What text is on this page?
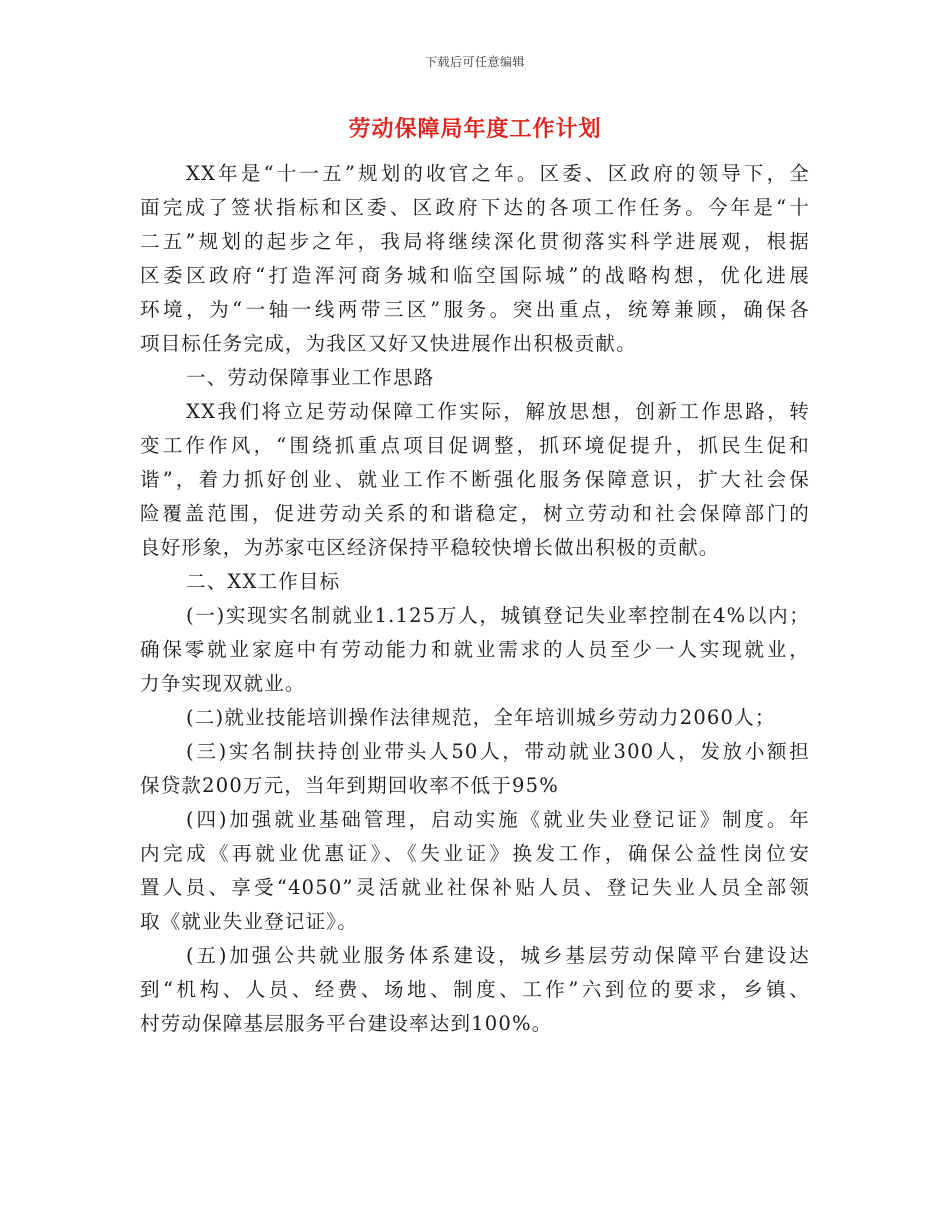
下载后可任意编辑
劳动保障局年度工作计划
XX年是“十一五”规划的收官之年。区委、区政府的领导下，全
面完成了签状指标和区委、区政府下达的各项工作任务。今年是“十
二五”规划的起步之年，我局将继续深化贯彻落实科学进展观，根据
区委区政府“打造浑河商务城和临空国际城”的战略构想，优化进展
环境，为“一轴一线两带三区”服务。突出重点，统筹兼顾，确保各
项目标任务完成，为我区又好又快进展作出积极贡献。
一、劳动保障事业工作思路
XX我们将立足劳动保障工作实际，解放思想，创新工作思路，转
变工作作风，“围绕抓重点项目促调整，抓环境促提升，抓民生促和
谐”，着力抓好创业、就业工作不断强化服务保障意识，扩大社会保
险覆盖范围，促进劳动关系的和谐稳定，树立劳动和社会保障部门的
良好形象，为苏家屯区经济保持平稳较快增长做出积极的贡献。
二、XX工作目标
(一)实现实名制就业1.125万人，城镇登记失业率控制在4%以内；
确保零就业家庭中有劳动能力和就业需求的人员至少一人实现就业，
力争实现双就业。
(二)就业技能培训操作法律规范，全年培训城乡劳动力2060人；
(三)实名制扶持创业带头人50人，带动就业300人，发放小额担
保贷款200万元，当年到期回收率不低于95%
(四)加强就业基础管理，启动实施《就业失业登记证》制度。年
内完成《再就业优惠证》、《失业证》换发工作，确保公益性岗位安
置人员、享受“4050”灵活就业社保补贴人员、登记失业人员全部领
取《就业失业登记证》。
(五)加强公共就业服务体系建设，城乡基层劳动保障平台建设达
到“机构、人员、经费、场地、制度、工作”六到位的要求，乡镇、
村劳动保障基层服务平台建设率达到100%。
